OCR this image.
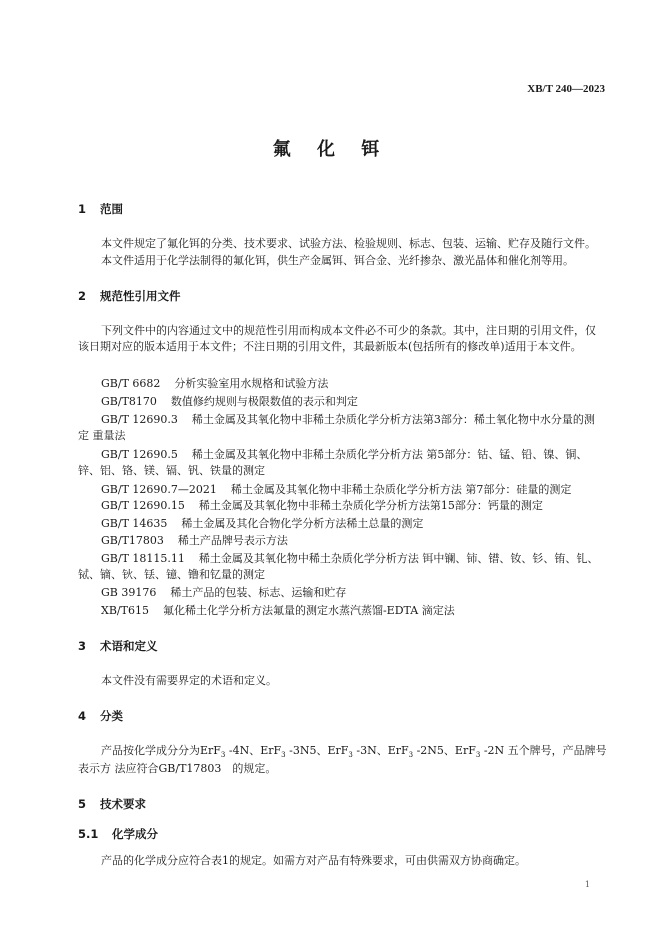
XB/T 240—2023
氟 化 铒
1 范围
本文件规定了氟化铒的分类、技术要求、试验方法、检验规则、标志、包装、运输、贮存及随行文件。
本文件适用于化学法制得的氟化铒，供生产金属铒、铒合金、光纤掺杂、激光晶体和催化剂等用。
2 规范性引用文件
下列文件中的内容通过文中的规范性引用而构成本文件必不可少的条款。其中，注日期的引用文件，仅该日期对应的版本适用于本文件；不注日期的引用文件，其最新版本(包括所有的修改单)适用于本文件。
GB/T 6682 分析实验室用水规格和试验方法
GB/T8170 数值修约规则与极限数值的表示和判定
GB/T 12690.3 稀土金属及其氧化物中非稀土杂质化学分析方法第3部分：稀土氧化物中水分量的测定 重量法
GB/T 12690.5 稀土金属及其氧化物中非稀土杂质化学分析方法 第5部分：钴、锰、铅、镍、铜、锌、铝、铬、镁、镉、钒、铁量的测定
GB/T 12690.7—2021 稀土金属及其氧化物中非稀土杂质化学分析方法 第7部分：硅量的测定
GB/T 12690.15 稀土金属及其氧化物中非稀土杂质化学分析方法第15部分：钙量的测定
GB/T 14635 稀土金属及其化合物化学分析方法稀土总量的测定
GB/T17803 稀土产品牌号表示方法
GB/T 18115.11 稀土金属及其氧化物中稀土杂质化学分析方法 铒中镧、铈、镨、钕、钐、铕、钆、铽、镝、钬、铥、镱、镥和钇量的测定
GB 39176 稀土产品的包装、标志、运输和贮存
XB/T615 氟化稀土化学分析方法氟量的测定水蒸汽蒸馏-EDTA 滴定法
3 术语和定义
本文件没有需要界定的术语和定义。
4 分类
产品按化学成分分为ErF$_3$ -4N、ErF$_3$ -3N5、ErF$_3$ -3N、ErF$_3$ -2N5、ErF$_3$ -2N 五个牌号，产品牌号
表示方 法应符合GB/T17803　的规定。
5 技术要求
5.1 化学成分
产品的化学成分应符合表1的规定。如需方对产品有特殊要求，可由供需双方协商确定。
1
